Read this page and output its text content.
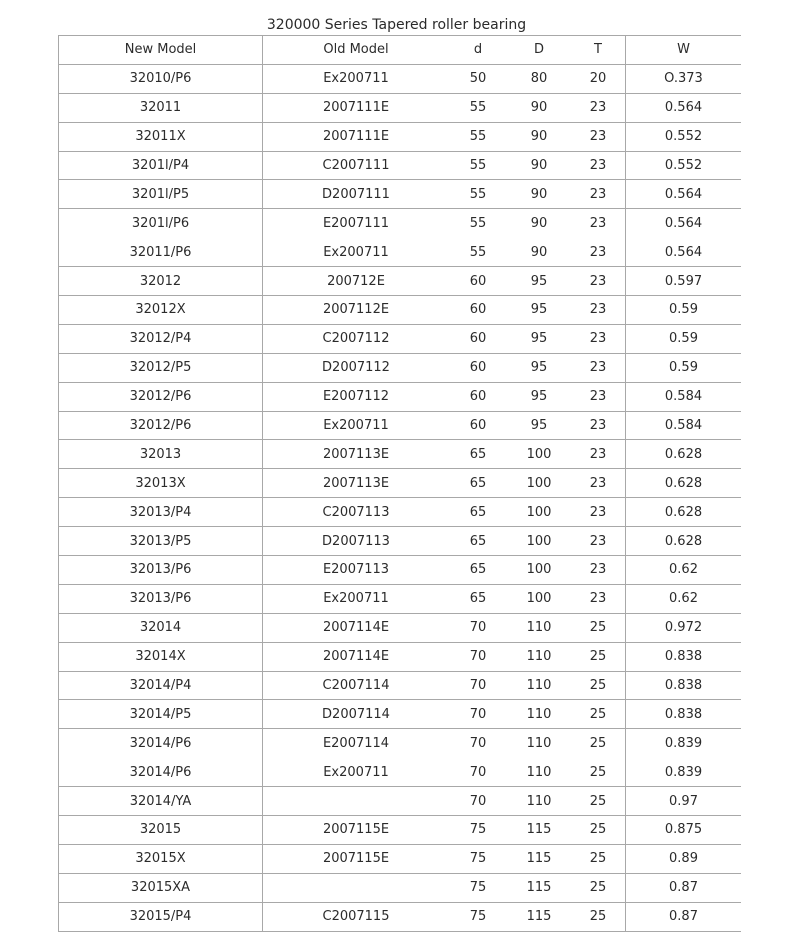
320000 Series Tapered roller bearing
New Model	Old Model	d	D	T	W
32010/P6	Ex200711	50	80	20	O.373
32011	2007111E	55	90	23	0.564
32011X	2007111E	55	90	23	0.552
3201l/P4	C2007111	55	90	23	0.552
3201l/P5	D2007111	55	90	23	0.564
3201l/P6	E2007111	55	90	23	0.564
32011/P6	Ex200711	55	90	23	0.564
32012	200712E	60	95	23	0.597
32012X	2007112E	60	95	23	0.59
32012/P4	C2007112	60	95	23	0.59
32012/P5	D2007112	60	95	23	0.59
32012/P6	E2007112	60	95	23	0.584
32012/P6	Ex200711	60	95	23	0.584
32013	2007113E	65	100	23	0.628
32013X	2007113E	65	100	23	0.628
32013/P4	C2007113	65	100	23	0.628
32013/P5	D2007113	65	100	23	0.628
32013/P6	E2007113	65	100	23	0.62
32013/P6	Ex200711	65	100	23	0.62
32014	2007114E	70	110	25	0.972
32014X	2007114E	70	110	25	0.838
32014/P4	C2007114	70	110	25	0.838
32014/P5	D2007114	70	110	25	0.838
32014/P6	E2007114	70	110	25	0.839
32014/P6	Ex200711	70	110	25	0.839
32014/YA		70	110	25	0.97
32015	2007115E	75	115	25	0.875
32015X	2007115E	75	115	25	0.89
32015XA		75	115	25	0.87
32015/P4	C2007115	75	115	25	0.87
